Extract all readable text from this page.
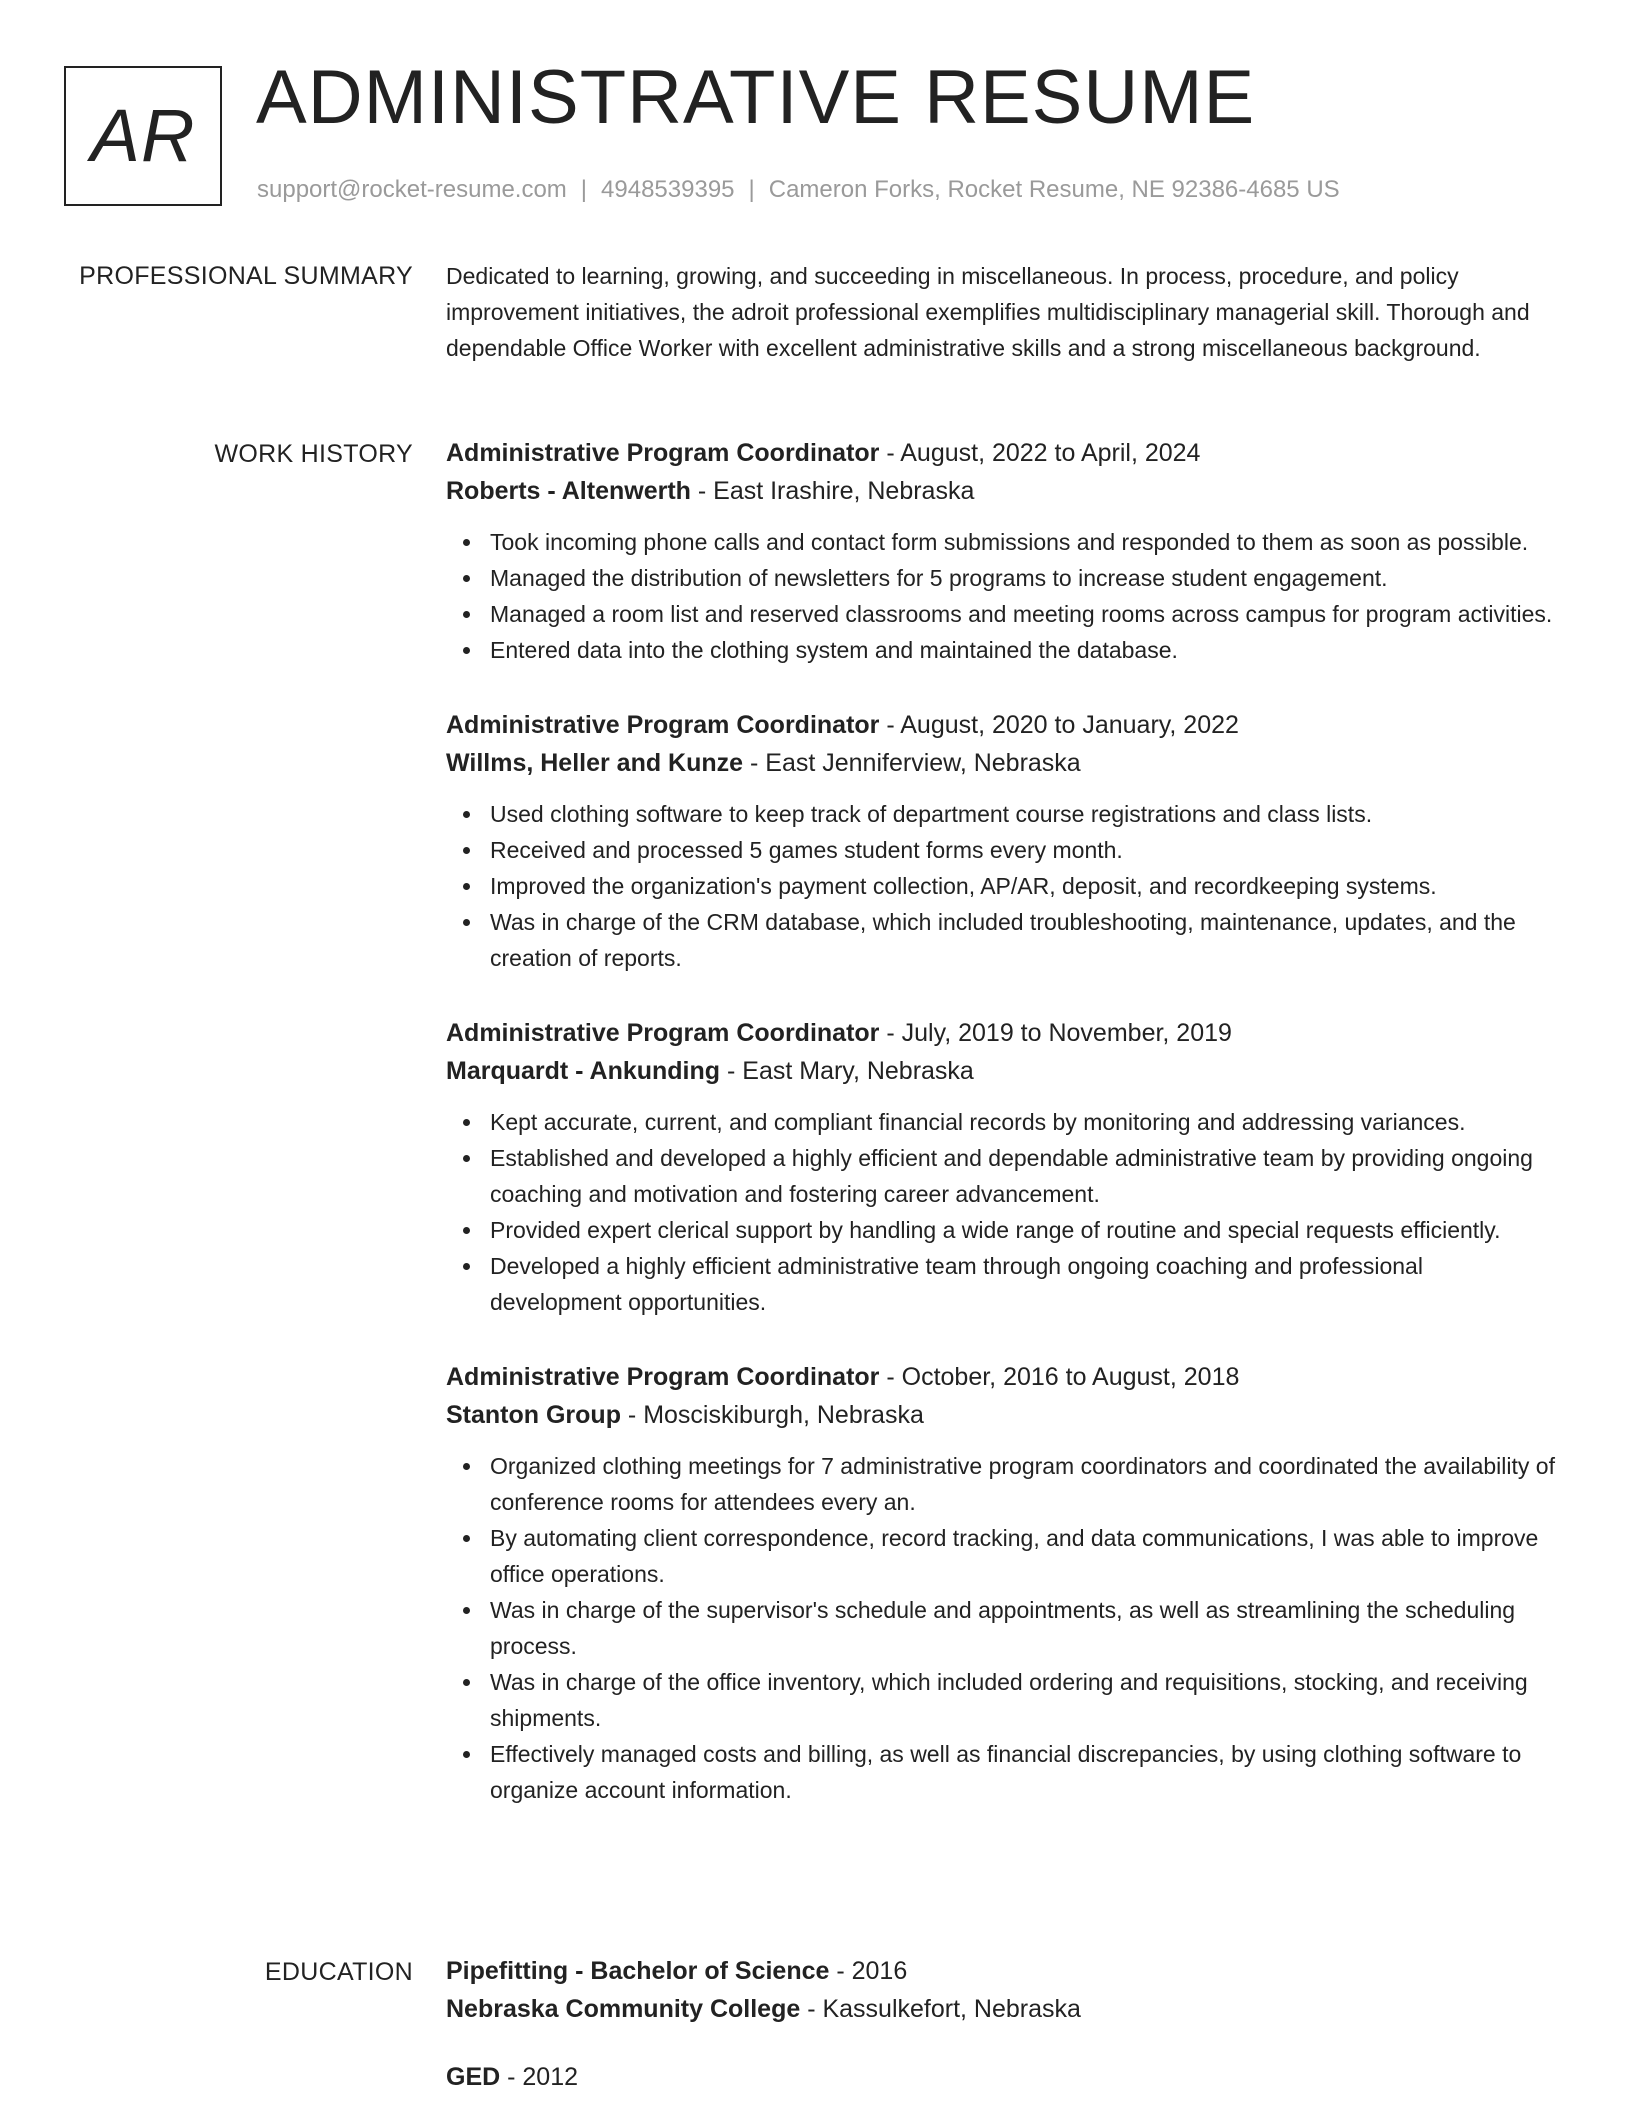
AR ADMINISTRATIVE RESUME
support@rocket-resume.com | 4948539395 | Cameron Forks, Rocket Resume, NE 92386-4685 US
PROFESSIONAL SUMMARY Dedicated to learning, growing, and succeeding in miscellaneous. In process, procedure, and policy improvement initiatives, the adroit professional exemplifies multidisciplinary managerial skill. Thorough and dependable Office Worker with excellent administrative skills and a strong miscellaneous background.

WORK HISTORY Administrative Program Coordinator - August, 2022 to April, 2024

Roberts - Altenwerth - East Irashire, Nebraska

Took incoming phone calls and contact form submissions and responded to them as soon as possible.
Managed the distribution of newsletters for 5 programs to increase student engagement.
Managed a room list and reserved classrooms and meeting rooms across campus for program activities.
Entered data into the clothing system and maintained the database.

Administrative Program Coordinator - August, 2020 to January, 2022

Willms, Heller and Kunze - East Jenniferview, Nebraska

Used clothing software to keep track of department course registrations and class lists.
Received and processed 5 games student forms every month.
Improved the organization's payment collection, AP/AR, deposit, and recordkeeping systems.
Was in charge of the CRM database, which included troubleshooting, maintenance, updates, and the creation of reports.

Administrative Program Coordinator - July, 2019 to November, 2019

Marquardt - Ankunding - East Mary, Nebraska

Kept accurate, current, and compliant financial records by monitoring and addressing variances.
Established and developed a highly efficient and dependable administrative team by providing ongoing coaching and motivation and fostering career advancement.
Provided expert clerical support by handling a wide range of routine and special requests efficiently.
Developed a highly efficient administrative team through ongoing coaching and professional development opportunities.

Administrative Program Coordinator - October, 2016 to August, 2018

Stanton Group - Mosciskiburgh, Nebraska

Organized clothing meetings for 7 administrative program coordinators and coordinated the availability of conference rooms for attendees every an.
By automating client correspondence, record tracking, and data communications, I was able to improve office operations.
Was in charge of the supervisor's schedule and appointments, as well as streamlining the scheduling process.
Was in charge of the office inventory, which included ordering and requisitions, stocking, and receiving shipments.
Effectively managed costs and billing, as well as financial discrepancies, by using clothing software to organize account information.
EDUCATION Pipefitting - Bachelor of Science - 2016

Nebraska Community College - Kassulkefort, Nebraska

GED - 2012
